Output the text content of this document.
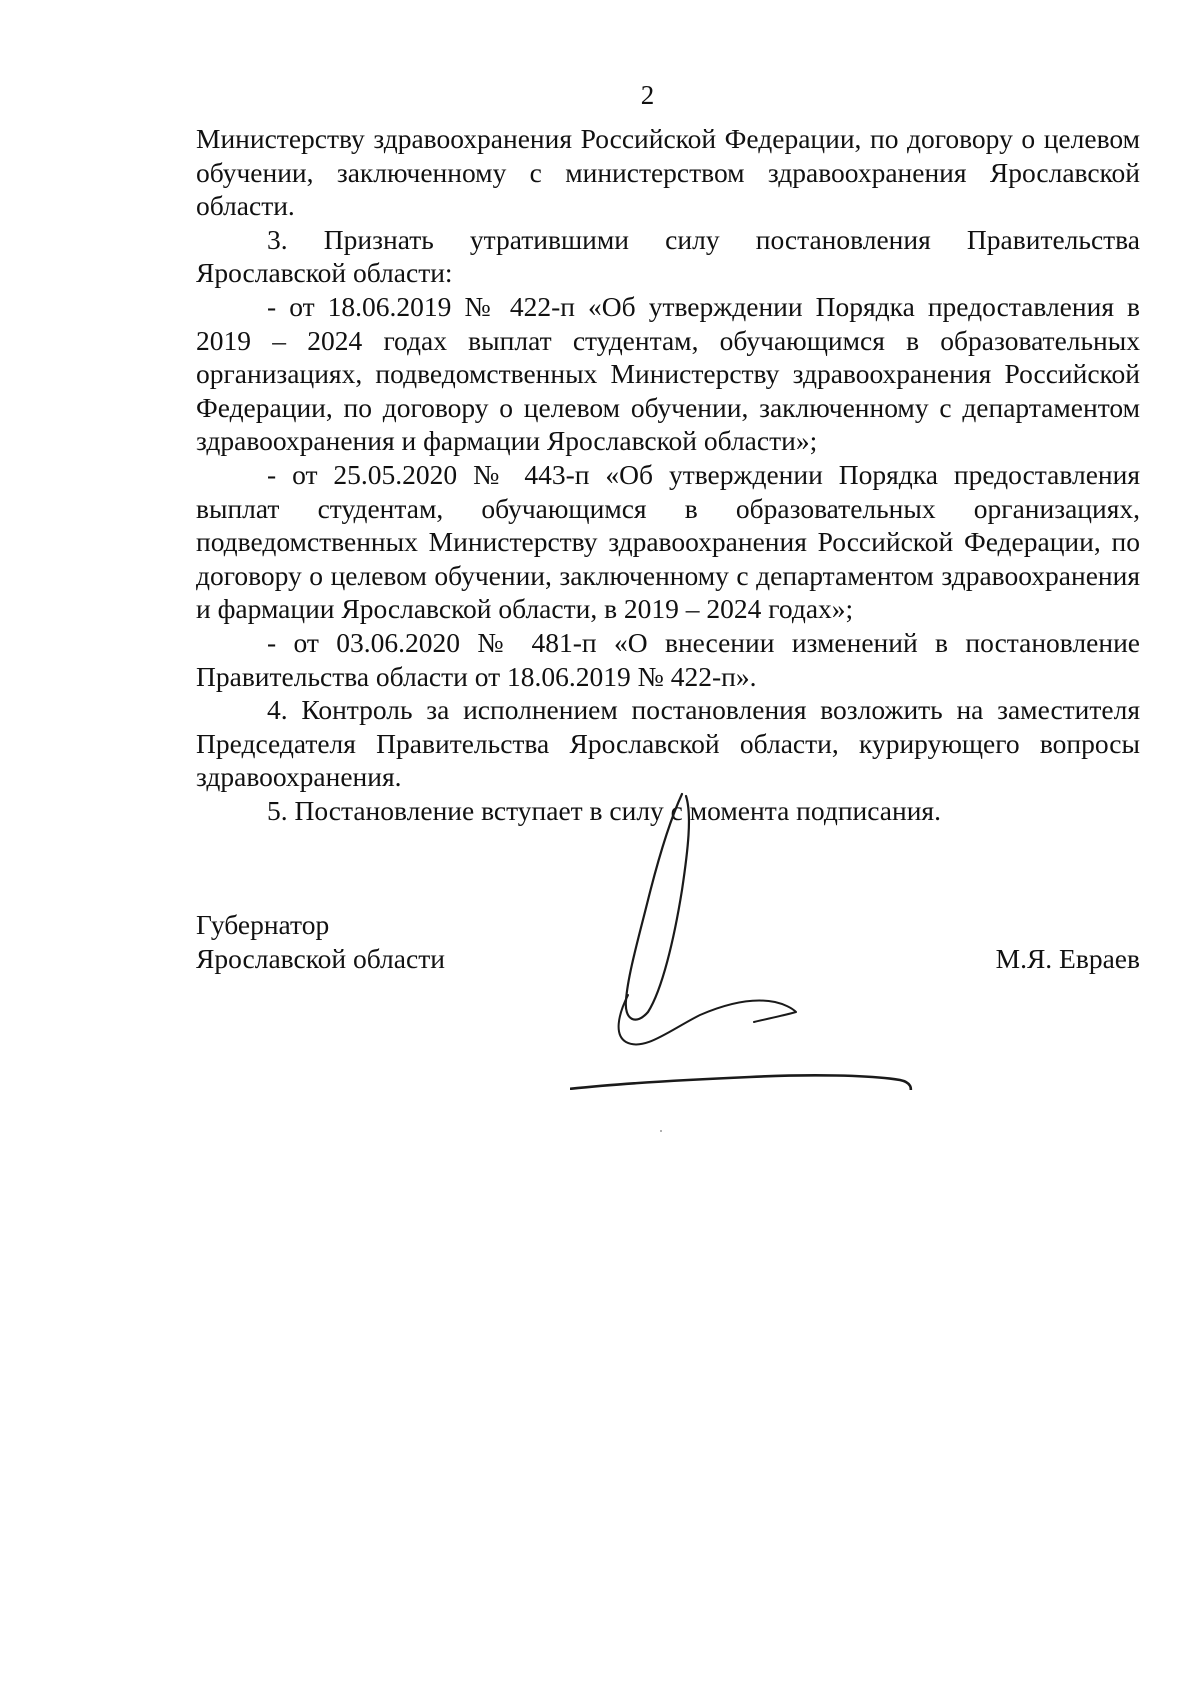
2

Министерству здравоохранения Российской Федерации, по договору о целевом обучении, заключенному с министерством здравоохранения Ярославской области.

3. Признать утратившими силу постановления Правительства Ярославской области:

- от 18.06.2019 № 422-п «Об утверждении Порядка предоставления в 2019 – 2024 годах выплат студентам, обучающимся в образовательных организациях, подведомственных Министерству здравоохранения Российской Федерации, по договору о целевом обучении, заключенному с департаментом здравоохранения и фармации Ярославской области»;

- от 25.05.2020 № 443-п «Об утверждении Порядка предоставления выплат студентам, обучающимся в образовательных организациях, подведомственных Министерству здравоохранения Российской Федерации, по договору о целевом обучении, заключенному с департаментом здравоохранения и фармации Ярославской области, в 2019 – 2024 годах»;

- от 03.06.2020 № 481-п «О внесении изменений в постановление Правительства области от 18.06.2019 № 422-п».

4. Контроль за исполнением постановления возложить на заместителя Председателя Правительства Ярославской области, курирующего вопросы здравоохранения.

5. Постановление вступает в силу с момента подписания.

Губернатор
Ярославской области	М.Я. Евраев
